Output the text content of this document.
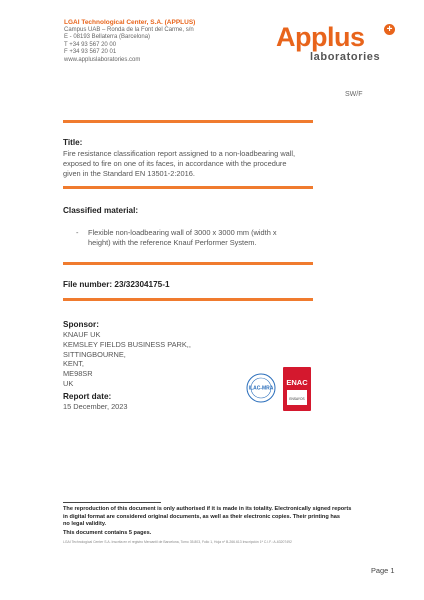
LGAI Technological Center, S.A. (APPLUS)
Campus UAB – Ronda de la Font del Carme, s/n
E - 08193 Bellaterra (Barcelona)
T +34 93 567 20 00
F +34 93 567 20 01
www.appluslaboratories.com
Applus +
laboratories
SW/F
Title:
Fire resistance classification report assigned to a non-loadbearing wall,
exposed to fire on one of its faces, in accordance with the procedure
given in the Standard EN 13501-2:2016.
Classified material:
- Flexible non-loadbearing wall of 3000 x 3000 mm (width x
height) with the reference Knauf Performer System.
File number: 23/32304175-1
Sponsor:
KNAUF UK
KEMSLEY FIELDS BUSINESS PARK,,
SITTINGBOURNE,
KENT,
ME98SR
UK
Report date:
15 December, 2023
ILAC-MRA
ENAC
ENSAYOS
The reproduction of this document is only authorised if it is made in its totality. Electronically signed reports
in digital format are considered original documents, as well as their electronic copies. Their printing has
no legal validity.
This document contains 5 pages.
LGAI Technological Center S.A. Inscrita en el registro Mercantil de Barcelona, Tomo 35.803, Folio 1, Hoja nº B-266.613 Inscripción 1ª C.I.F.: A-63207492
Page 1
